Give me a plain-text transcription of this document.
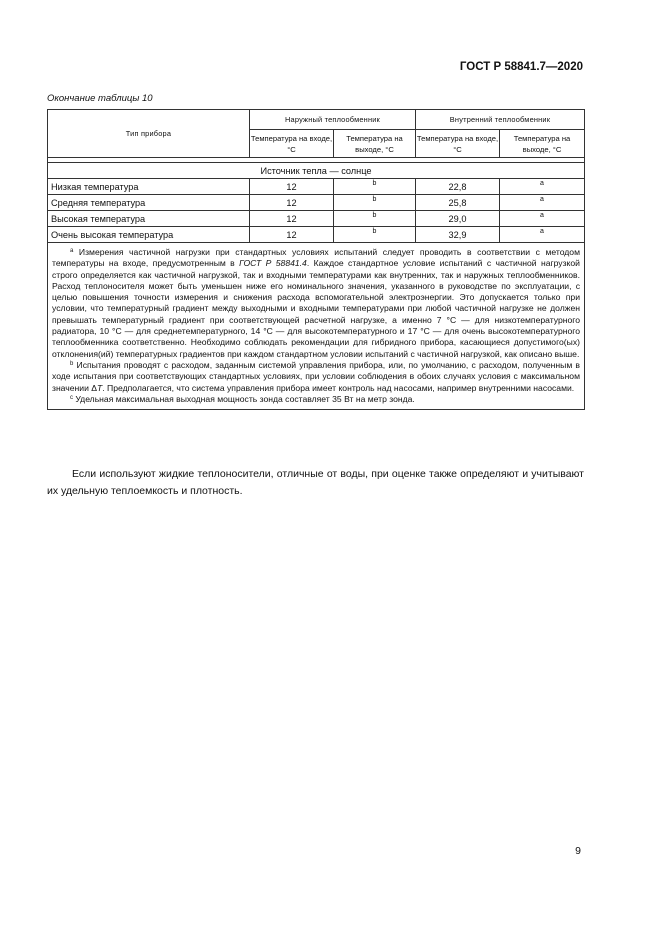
ГОСТ Р 58841.7—2020
Окончание таблицы 10
Тип прибора	Наружный теплообменник		Внутренний теплообменник	
	Температура на входе, °С	Температура на выходе, °С	Температура на входе, °С	Температура на выходе, °С

Источник тепла — солнце				
Низкая температура	12	b	22,8	a
Средняя температура	12	b	25,8	a
Высокая температура	12	b	29,0	a
Очень высокая температура	12	b	32,9	a

$^a$ Измерения частичной нагрузки при стандартных условиях испытаний следует проводить в соответствии с методом температуры на входе, предусмотренным в ГОСТ Р 58841.4. Каждое стандартное условие испытаний с частичной нагрузкой строго определяется как частичной нагрузкой, так и входными температурами как внутренних, так и наружных теплообменников. Расход теплоносителя может быть уменьшен ниже его номинального значения, указанного в руководстве по эксплуатации, с целью повышения точности измерения и снижения расхода вспомогательной электроэнергии. Это допускается только при условии, что температурный градиент между выходными и входными температурами при любой частичной нагрузке не должен превышать температурный градиент при соответствующей расчетной нагрузке, а именно 7 °С — для низкотемпературного радиатора, 10 °С — для среднетемпературного, 14 °С — для высокотемпературного и 17 °С — для очень высокотемпературного теплообменника соответственно. Необходимо соблюдать рекомендации для гибридного прибора, касающиеся допустимого(ых) отклонения(ий) температурных градиентов при каждом стандартном условии испытаний с частичной нагрузкой, как описано выше.

$^b$ Испытания проводят с расходом, заданным системой управления прибора, или, по умолчанию, с расходом, полученным в ходе испытания при соответствующих стандартных условиях, при условии соблюдения в обоих случаях условия с максимальном значении ΔT. Предполагается, что система управления прибора имеет контроль над насосами, например внутренними насосами.

$^c$ Удельная максимальная выходная мощность зонда составляет 35 Вт на метр зонда.				

Если используют жидкие теплоносители, отличные от воды, при оценке также определяют и учитывают их удельную теплоемкость и плотность.

9
